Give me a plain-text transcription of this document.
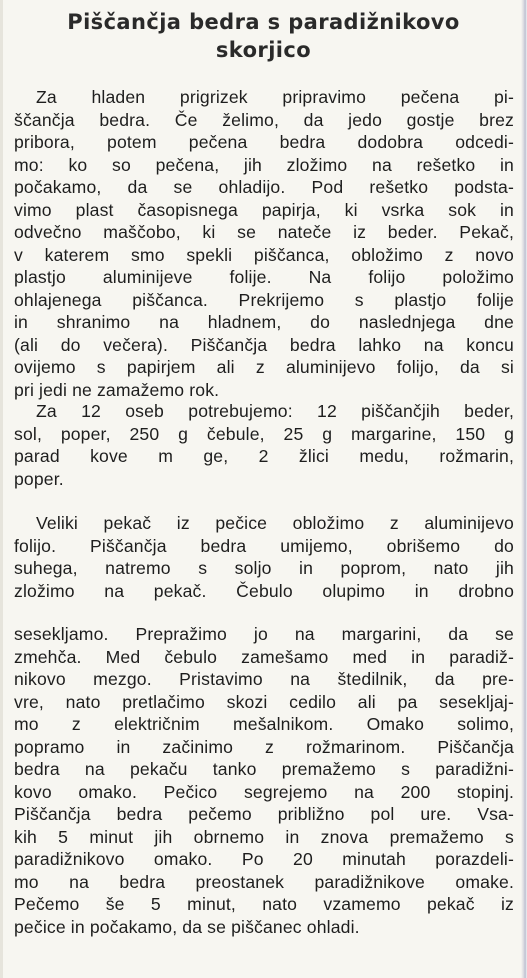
Piščančja bedra s paradižnikovo
skorjico
Za hladen prigrizek pripravimo pečena pi-
ščančja bedra. Če želimo, da jedo gostje brez
pribora, potem pečena bedra dodobra odcedi-
mo: ko so pečena, jih zložimo na rešetko in
počakamo, da se ohladijo. Pod rešetko podsta-
vimo plast časopisnega papirja, ki vsrka sok in
odvečno maščobo, ki se nateče iz beder. Pekač,
v katerem smo spekli piščanca, obložimo z novo
plastjo aluminijeve folije. Na folijo položimo
ohlajenega piščanca. Prekrijemo s plastjo folije
in shranimo na hladnem, do naslednjega dne
(ali do večera). Piščančja bedra lahko na koncu
ovijemo s papirjem ali z aluminijevo folijo, da si
pri jedi ne zamažemo rok.
Za 12 oseb potrebujemo: 12 piščančjih beder,
sol, poper, 250 g čebule, 25 g margarine, 150 g
parad kove m ge, 2 žlici medu, rožmarin,
poper.
Veliki pekač iz pečice obložimo z aluminijevo
folijo. Piščančja bedra umijemo, obrišemo do
suhega, natremo s soljo in poprom, nato jih
zložimo na pekač. Čebulo olupimo in drobno
sesekljamo. Prepražimo jo na margarini, da se
zmehča. Med čebulo zamešamo med in paradiž-
nikovo mezgo. Pristavimo na štedilnik, da pre-
vre, nato pretlačimo skozi cedilo ali pa sesekljaj-
mo z električnim mešalnikom. Omako solimo,
popramo in začinimo z rožmarinom. Piščančja
bedra na pekaču tanko premažemo s paradižni-
kovo omako. Pečico segrejemo na 200 stopinj.
Piščančja bedra pečemo približno pol ure. Vsa-
kih 5 minut jih obrnemo in znova premažemo s
paradižnikovo omako. Po 20 minutah porazdeli-
mo na bedra preostanek paradižnikove omake.
Pečemo še 5 minut, nato vzamemo pekač iz
pečice in počakamo, da se piščanec ohladi.
